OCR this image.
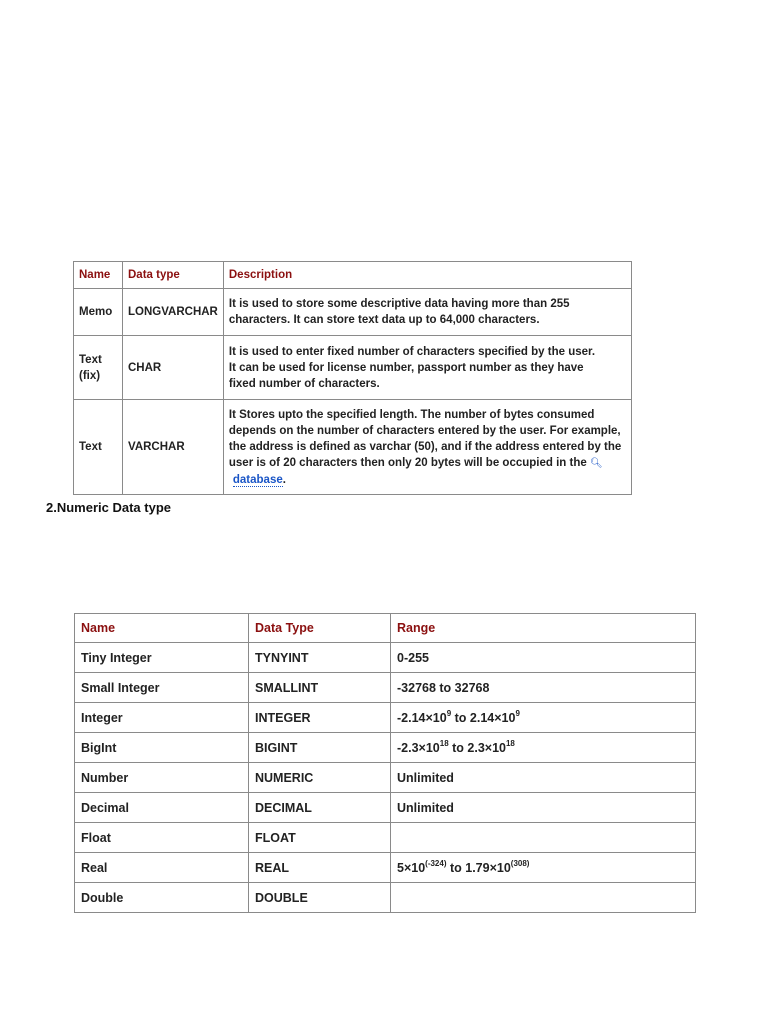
Name	Data type	Description
Memo	LONGVARCHAR	It is used to store some descriptive data having more than 255
characters. It can store text data up to 64,000 characters.
Text
(fix)	CHAR	It is used to enter fixed number of characters specified by the user.
It can be used for license number, passport number as they have
fixed number of characters.
Text	VARCHAR	It Stores upto the specified length. The number of bytes consumed
depends on the number of characters entered by the user. For example,
the address is defined as varchar (50), and if the address entered by the
user is of 20 characters then only 20 bytes will be occupied in the 🔍︎
database.

2.Numeric Data type

Name	Data Type	Range
Tiny Integer	TYNYINT	0-255
Small Integer	SMALLINT	-32768 to 32768
Integer	INTEGER	$-2.14\times 10^9$ to $2.14\times 10^9$
BigInt	BIGINT	$-2.3\times 10^{18}$ to $2.3\times 10^{18}$
Number	NUMERIC	Unlimited
Decimal	DECIMAL	Unlimited
Float	FLOAT	
Real	REAL	$5\times 10^{(-324)}$ to $1.79\times 10^{(308)}$
Double	DOUBLE	
